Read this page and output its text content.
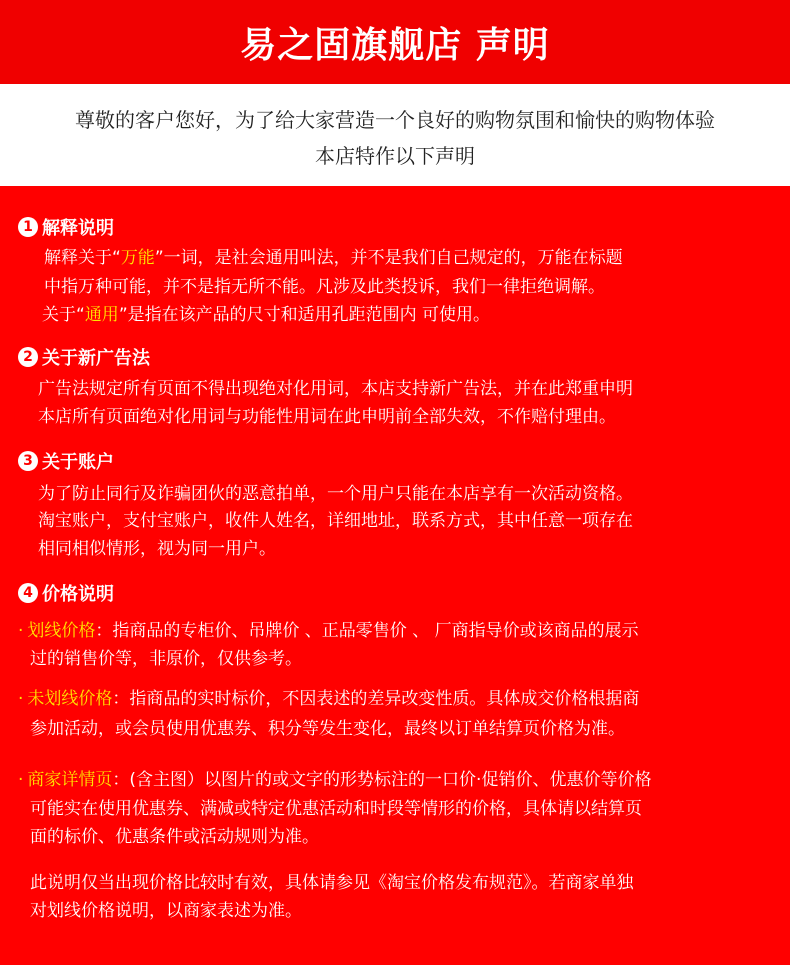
易之固旗舰店 声明
尊敬的客户您好，为了给大家营造一个良好的购物氛围和愉快的购物体验
本店特作以下声明
1 解释说明
解释关于“万能”一词，是社会通用叫法，并不是我们自己规定的，万能在标题
中指万种可能，并不是指无所不能。凡涉及此类投诉，我们一律拒绝调解。
关于“通用”是指在该产品的尺寸和适用孔距范围内 可使用。
2 关于新广告法
广告法规定所有页面不得出现绝对化用词，本店支持新广告法，并在此郑重申明
本店所有页面绝对化用词与功能性用词在此申明前全部失效，不作赔付理由。
3 关于账户
为了防止同行及诈骗团伙的恶意拍单，一个用户只能在本店享有一次活动资格。
淘宝账户，支付宝账户，收件人姓名，详细地址，联系方式，其中任意一项存在
相同相似情形，视为同一用户。
4 价格说明
· 划线价格：指商品的专柜价、吊牌价 、正品零售价 、 厂商指导价或该商品的展示
过的销售价等，非原价，仅供参考。
· 未划线价格：指商品的实时标价，不因表述的差异改变性质。具体成交价格根据商
参加活动，或会员使用优惠券、积分等发生变化，最终以订单结算页价格为准。
· 商家详情页：(含主图）以图片的或文字的形势标注的一口价·促销价、优惠价等价格
可能实在使用优惠券、满减或特定优惠活动和时段等情形的价格，具体请以结算页
面的标价、优惠条件或活动规则为准。
此说明仅当出现价格比较时有效，具体请参见《淘宝价格发布规范》。若商家单独
对划线价格说明，以商家表述为准。
